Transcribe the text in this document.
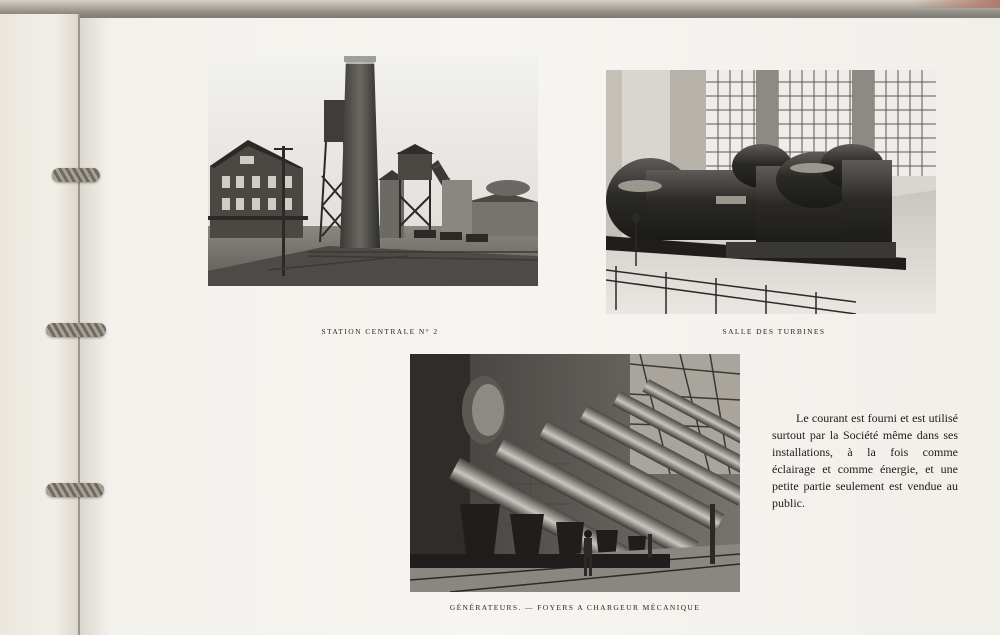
STATION CENTRALE N° 2	SALLE DES TURBINES
GÉNÉRATEURS. — FOYERS A CHARGEUR MÉCANIQUE
Le courant est fourni et est utilisé surtout par la Société même dans ses installations, à la fois comme éclairage et comme énergie, et une petite partie seulement est vendue au public.
